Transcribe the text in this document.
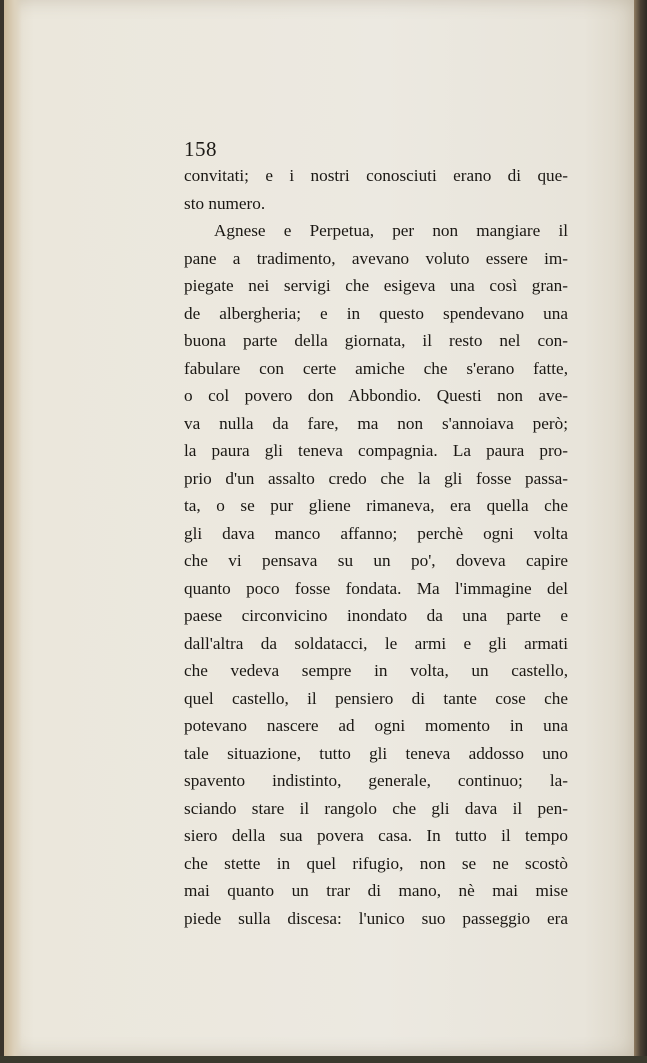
158
convitati; e i nostri conosciuti erano di que-
sto numero.
Agnese e Perpetua, per non mangiare il
pane a tradimento, avevano voluto essere im-
piegate nei servigi che esigeva una così gran-
de albergheria; e in questo spendevano una
buona parte della giornata, il resto nel con-
fabulare con certe amiche che s'erano fatte,
o col povero don Abbondio. Questi non ave-
va nulla da fare, ma non s'annoiava però;
la paura gli teneva compagnia. La paura pro-
prio d'un assalto credo che la gli fosse passa-
ta, o se pur gliene rimaneva, era quella che
gli dava manco affanno; perchè ogni volta
che vi pensava su un po', doveva capire
quanto poco fosse fondata. Ma l'immagine del
paese circonvicino inondato da una parte e
dall'altra da soldatacci, le armi e gli armati
che vedeva sempre in volta, un castello,
quel castello, il pensiero di tante cose che
potevano nascere ad ogni momento in una
tale situazione, tutto gli teneva addosso uno
spavento indistinto, generale, continuo; la-
sciando stare il rangolo che gli dava il pen-
siero della sua povera casa. In tutto il tempo
che stette in quel rifugio, non se ne scostò
mai quanto un trar di mano, nè mai mise
piede sulla discesa: l'unico suo passeggio era
